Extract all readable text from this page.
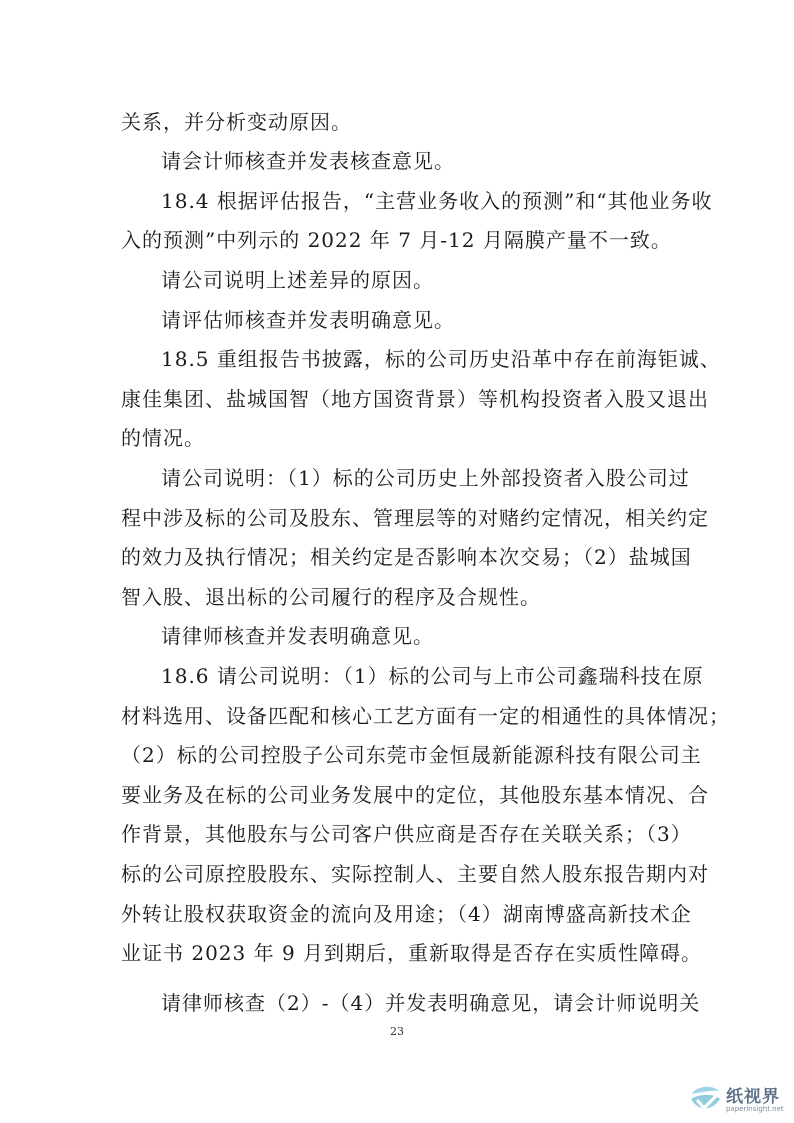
关系，并分析变动原因。
请会计师核查并发表核查意见。
18.4 根据评估报告，“主营业务收入的预测”和“其他业务收
入的预测”中列示的 2022 年 7 月-12 月隔膜产量不一致。
请公司说明上述差异的原因。
请评估师核查并发表明确意见。
18.5 重组报告书披露，标的公司历史沿革中存在前海钜诚、
康佳集团、盐城国智（地方国资背景）等机构投资者入股又退出
的情况。
请公司说明：（1）标的公司历史上外部投资者入股公司过
程中涉及标的公司及股东、管理层等的对赌约定情况，相关约定
的效力及执行情况；相关约定是否影响本次交易；（2）盐城国
智入股、退出标的公司履行的程序及合规性。
请律师核查并发表明确意见。
18.6 请公司说明：（1）标的公司与上市公司鑫瑞科技在原
材料选用、设备匹配和核心工艺方面有一定的相通性的具体情况；
（2）标的公司控股子公司东莞市金恒晟新能源科技有限公司主
要业务及在标的公司业务发展中的定位，其他股东基本情况、合
作背景，其他股东与公司客户供应商是否存在关联关系；（3）
标的公司原控股股东、实际控制人、主要自然人股东报告期内对
外转让股权获取资金的流向及用途；（4）湖南博盛高新技术企
业证书 2023 年 9 月到期后，重新取得是否存在实质性障碍。
请律师核查（2）-（4）并发表明确意见，请会计师说明关
23
纸视界
paperinsight.net
